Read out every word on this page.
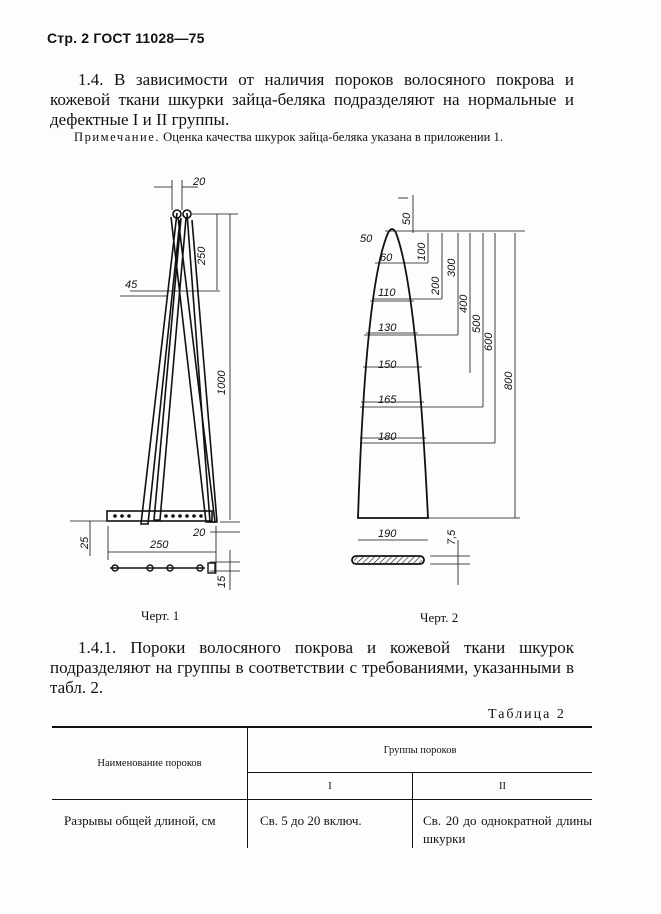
Стр. 2 ГОСТ 11028—75
1.4. В зависимости от наличия пороков волосяного покрова и кожевой ткани шкурки зайца-беляка подразделяют на нормальные и дефектные I и II группы.
Примечание. Оценка качества шкурок зайца-беляка указана в приложении 1.
20
250
45
1000
20
25	250
15
Черт. 1
50
60
110
130
150
165
180
190
50
100
200
300
400
500
600
800
7,5
Черт. 2
1.4.1. Пороки волосяного покрова и кожевой ткани шкурок подразделяют на группы в соответствии с требованиями, указанными в табл. 2.
Таблица 2
Наименование пороков	Группы пороков	
	I	II
Разрывы общей длиной, см	Св. 5 до 20 включ.	Св. 20 до однократной длины шкурки
